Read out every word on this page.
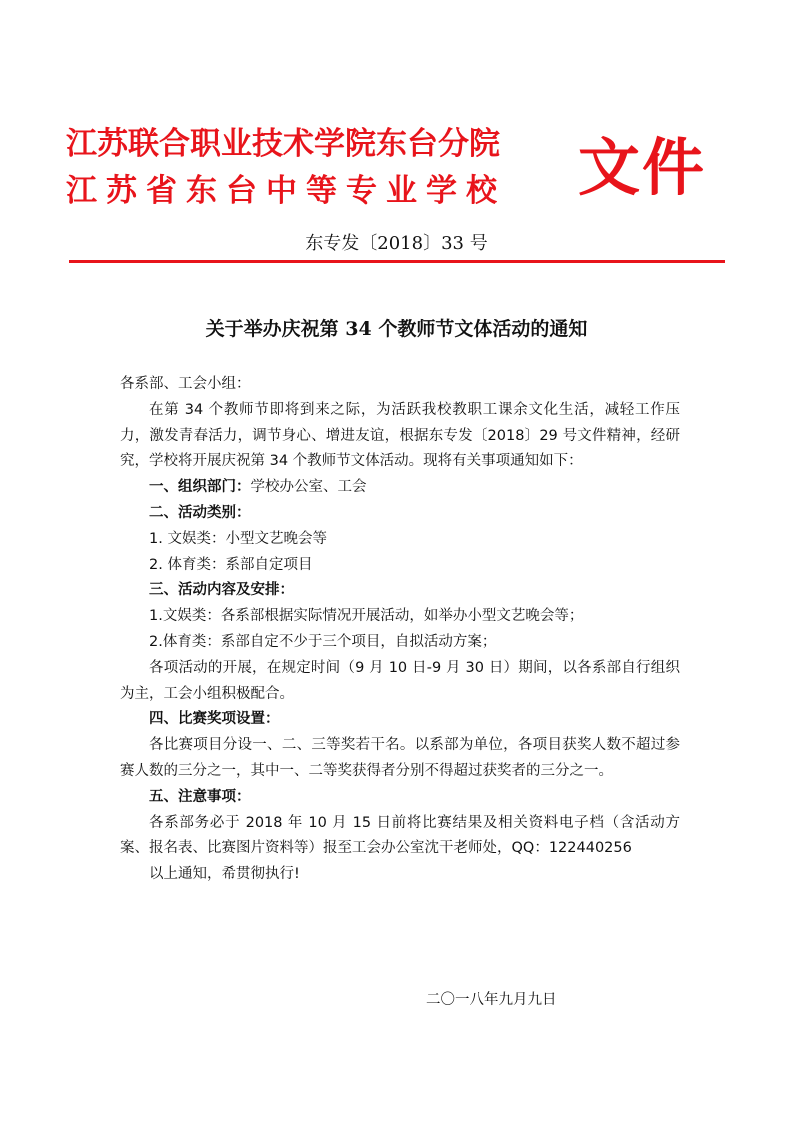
江苏联合职业技术学院东台分院
江苏省东台中等专业学校	文件
东专发〔2018〕33 号
关于举办庆祝第 34 个教师节文体活动的通知

各系部、工会小组：

在第 34 个教师节即将到来之际，为活跃我校教职工课余文化生活，减轻工作压力，激发青春活力，调节身心、增进友谊，根据东专发〔2018〕29 号文件精神，经研究，学校将开展庆祝第 34 个教师节文体活动。现将有关事项通知如下：

一、组织部门：学校办公室、工会

二、活动类别：

1. 文娱类：小型文艺晚会等

2. 体育类：系部自定项目

三、活动内容及安排：

1.文娱类：各系部根据实际情况开展活动，如举办小型文艺晚会等；

2.体育类：系部自定不少于三个项目，自拟活动方案；

各项活动的开展，在规定时间（9 月 10 日-9 月 30 日）期间，以各系部自行组织为主，工会小组积极配合。

四、比赛奖项设置：

各比赛项目分设一、二、三等奖若干名。以系部为单位，各项目获奖人数不超过参赛人数的三分之一，其中一、二等奖获得者分别不得超过获奖者的三分之一。

五、注意事项：

各系部务必于 2018 年 10 月 15 日前将比赛结果及相关资料电子档（含活动方案、报名表、比赛图片资料等）报至工会办公室沈干老师处，QQ：122440256

以上通知，希贯彻执行!

二〇一八年九月九日
